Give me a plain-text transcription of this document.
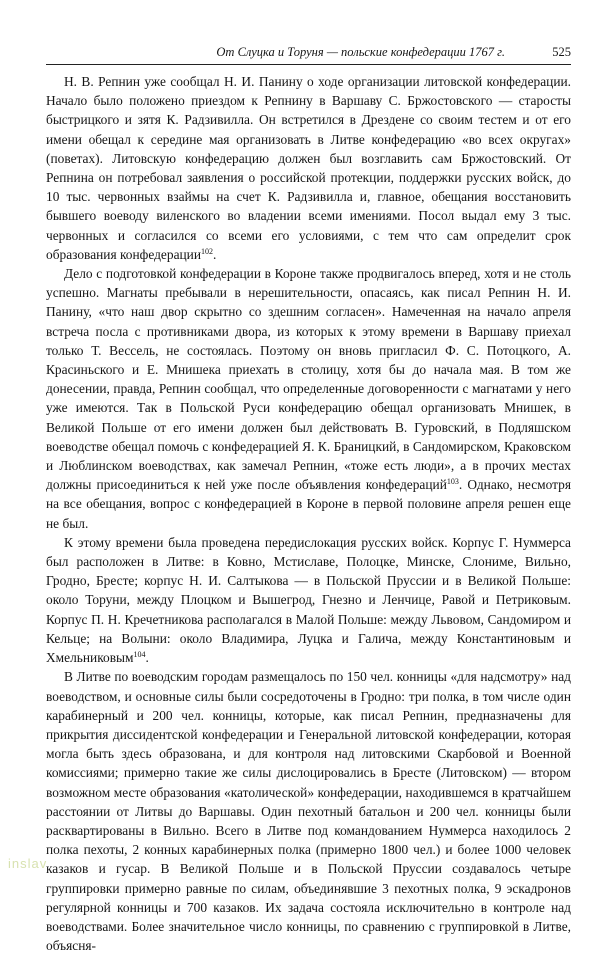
От Слуцка и Торуня — польские конфедерации 1767 г.	525

Н. В. Репнин уже сообщал Н. И. Панину о ходе организации литовской конфедерации. Начало было положено приездом к Репнину в Варшаву С. Бржостовского — старосты быстрицкого и зятя К. Радзивилла. Он встретился в Дрездене со своим тестем и от его имени обещал к середине мая организовать в Литве конфедерацию «во всех округах» (поветах). Литовскую конфедерацию должен был возглавить сам Бржостовский. От Репнина он потребовал заявления о российской протекции, поддержки русских войск, до 10 тыс. червонных взаймы на счет К. Радзивилла и, главное, обещания восстановить бывшего воеводу виленского во владении всеми имениями. Посол выдал ему 3 тыс. червонных и согласился со всеми его условиями, с тем что сам определит срок образования конфедерации$^{102}$.

Дело с подготовкой конфедерации в Короне также продвигалось вперед, хотя и не столь успешно. Магнаты пребывали в нерешительности, опасаясь, как писал Репнин Н. И. Панину, «что наш двор скрытно со здешним согласен». Намеченная на начало апреля встреча посла с противниками двора, из которых к этому времени в Варшаву приехал только Т. Вессель, не состоялась. Поэтому он вновь пригласил Ф. С. Потоцкого, А. Красиньского и Е. Мнишека приехать в столицу, хотя бы до начала мая. В том же донесении, правда, Репнин сообщал, что определенные договоренности с магнатами у него уже имеются. Так в Польской Руси конфедерацию обещал организовать Мнишек, в Великой Польше от его имени должен был действовать В. Гуровский, в Подляшском воеводстве обещал помочь с конфедерацией Я. К. Браницкий, в Сандомирском, Краковском и Люблинском воеводствах, как замечал Репнин, «тоже есть люди», а в прочих местах должны присоединиться к ней уже после объявления конфедераций$^{103}$. Однако, несмотря на все обещания, вопрос с конфедерацией в Короне в первой половине апреля решен еще не был.

К этому времени была проведена передислокация русских войск. Корпус Г. Нуммерса был расположен в Литве: в Ковно, Мстиславе, Полоцке, Минске, Слониме, Вильно, Гродно, Бресте; корпус Н. И. Салтыкова — в Польской Пруссии и в Великой Польше: около Торуни, между Плоцком и Вышегрод, Гнезно и Ленчице, Равой и Петриковым. Корпус П. Н. Кречетникова располагался в Малой Польше: между Львовом, Сандомиром и Кельце; на Волыни: около Владимира, Луцка и Галича, между Константиновым и Хмельниковым$^{104}$.

В Литве по воеводским городам размещалось по 150 чел. конницы «для надсмотру» над воеводством, и основные силы были сосредоточены в Гродно: три полка, в том числе один карабинерный и 200 чел. конницы, которые, как писал Репнин, предназначены для прикрытия диссидентской конфедерации и Генеральной литовской конфедерации, которая могла быть здесь образована, и для контроля над литовскими Скарбовой и Военной комиссиями; примерно такие же силы дислоцировались в Бресте (Литовском) — втором возможном месте образования «католической» конфедерации, находившемся в кратчайшем расстоянии от Литвы до Варшавы. Один пехотный батальон и 200 чел. конницы были расквартированы в Вильно. Всего в Литве под командованием Нуммерса находилось 2 полка пехоты, 2 конных карабинерных полка (примерно 1800 чел.) и более 1000 человек казаков и гусар. В Великой Польше и в Польской Пруссии создавалось четыре группировки примерно равные по силам, объединявшие 3 пехотных полка, 9 эскадронов регулярной конницы и 700 казаков. Их задача состояла исключительно в контроле над воеводствами. Более значительное число конницы, по сравнению с группировкой в Литве, объясня-

inslav
